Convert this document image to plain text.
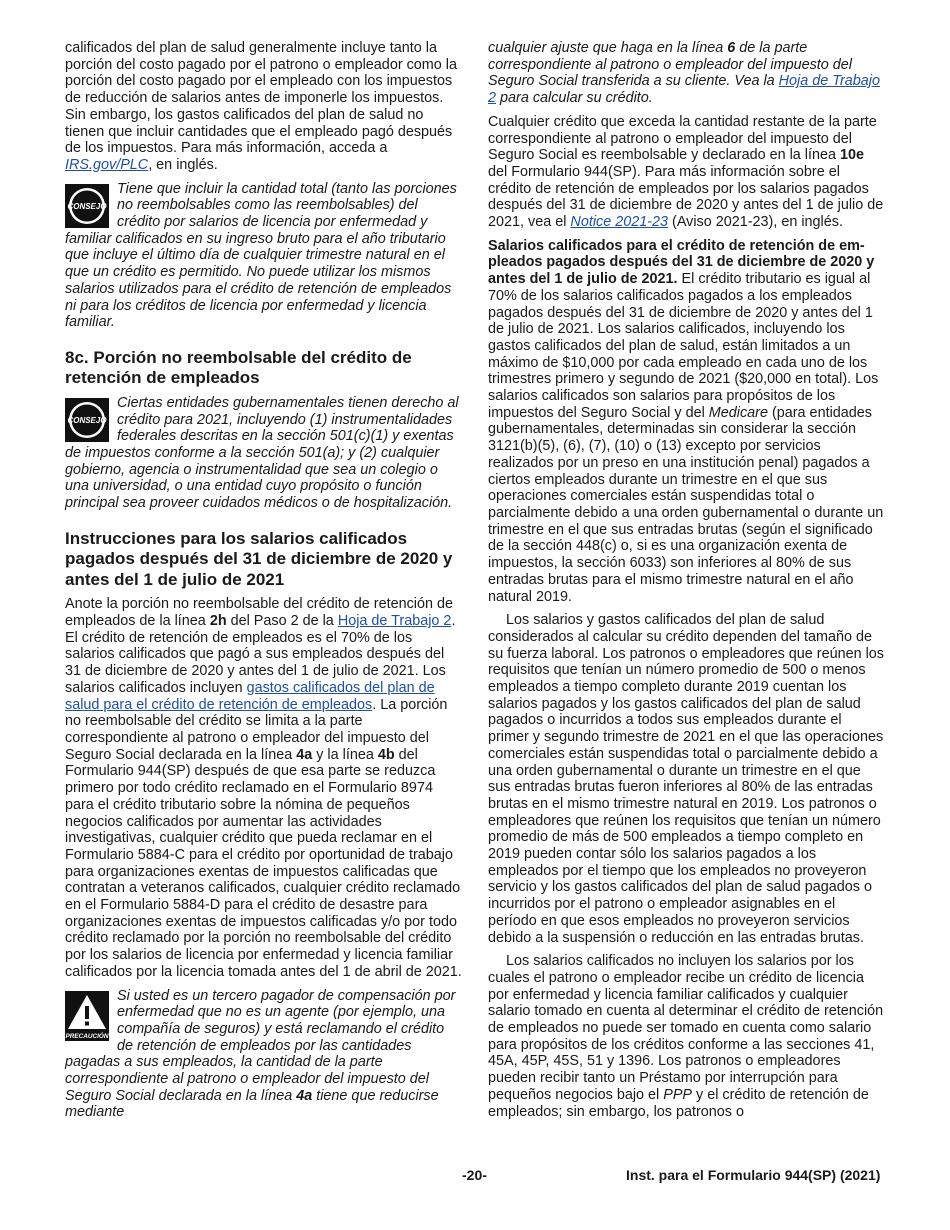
calificados del plan de salud generalmente incluye tanto la porción del costo pagado por el patrono o empleador como la porción del costo pagado por el empleado con los impuestos de reducción de salarios antes de imponerle los impuestos. Sin embargo, los gastos calificados del plan de salud no tienen que incluir cantidades que el empleado pagó después de los impuestos. Para más información, acceda a IRS.gov/PLC, en inglés.

CONSEJO
Tiene que incluir la cantidad total (tanto las porciones no reembolsables como las reembolsables) del crédito por salarios de licencia por enfermedad y familiar calificados en su ingreso bruto para el año tributario que incluye el último día de cualquier trimestre natural en el que un crédito es permitido. No puede utilizar los mismos salarios utilizados para el crédito de retención de empleados ni para los créditos de licencia por enfermedad y licencia familiar.
8c. Porción no reembolsable del crédito de retención de empleados
CONSEJO
Ciertas entidades gubernamentales tienen derecho al crédito para 2021, incluyendo (1) instrumentalidades federales descritas en la sección 501(c)(1) y exentas de impuestos conforme a la sección 501(a); y (2) cualquier gobierno, agencia o instrumentalidad que sea un colegio o una universidad, o una entidad cuyo propósito o función principal sea proveer cuidados médicos o de hospitalización.
Instrucciones para los salarios calificados pagados después del 31 de diciembre de 2020 y antes del 1 de julio de 2021

Anote la porción no reembolsable del crédito de retención de empleados de la línea 2h del Paso 2 de la Hoja de Trabajo 2. El crédito de retención de empleados es el 70% de los salarios calificados que pagó a sus empleados después del 31 de diciembre de 2020 y antes del 1 de julio de 2021. Los salarios calificados incluyen gastos calificados del plan de salud para el crédito de retención de empleados. La porción no reembolsable del crédito se limita a la parte correspondiente al patrono o empleador del impuesto del Seguro Social declarada en la línea 4a y la línea 4b del Formulario 944(SP) después de que esa parte se reduzca primero por todo crédito reclamado en el Formulario 8974 para el crédito tributario sobre la nómina de pequeños negocios calificados por aumentar las actividades investigativas, cualquier crédito que pueda reclamar en el Formulario 5884-C para el crédito por oportunidad de trabajo para organizaciones exentas de impuestos calificadas que contratan a veteranos calificados, cualquier crédito reclamado en el Formulario 5884-D para el crédito de desastre para organizaciones exentas de impuestos calificadas y/o por todo crédito reclamado por la porción no reembolsable del crédito por los salarios de licencia por enfermedad y licencia familiar calificados por la licencia tomada antes del 1 de abril de 2021.

PRECAUCIÓN
Si usted es un tercero pagador de compensación por enfermedad que no es un agente (por ejemplo, una compañía de seguros) y está reclamando el crédito de retención de empleados por las cantidades pagadas a sus empleados, la cantidad de la parte correspondiente al patrono o empleador del impuesto del Seguro Social declarada en la línea 4a tiene que reducirse mediante

cualquier ajuste que haga en la línea 6 de la parte correspondiente al patrono o empleador del impuesto del Seguro Social transferida a su cliente. Vea la Hoja de Trabajo 2 para calcular su crédito.

Cualquier crédito que exceda la cantidad restante de la parte correspondiente al patrono o empleador del impuesto del Seguro Social es reembolsable y declarado en la línea 10e del Formulario 944(SP). Para más información sobre el crédito de retención de empleados por los salarios pagados después del 31 de diciembre de 2020 y antes del 1 de julio de 2021, vea el Notice 2021-23 (Aviso 2021-23), en inglés.

Salarios calificados para el crédito de retención de em- pleados pagados después del 31 de diciembre de 2020 y antes del 1 de julio de 2021. El crédito tributario es igual al 70% de los salarios calificados pagados a los empleados pagados después del 31 de diciembre de 2020 y antes del 1 de julio de 2021. Los salarios calificados, incluyendo los gastos calificados del plan de salud, están limitados a un máximo de $10,000 por cada empleado en cada uno de los trimestres primero y segundo de 2021 ($20,000 en total). Los salarios calificados son salarios para propósitos de los impuestos del Seguro Social y del Medicare (para entidades gubernamentales, determinadas sin considerar la sección 3121(b)(5), (6), (7), (10) o (13) excepto por servicios realizados por un preso en una institución penal) pagados a ciertos empleados durante un trimestre en el que sus operaciones comerciales están suspendidas total o parcialmente debido a una orden gubernamental o durante un trimestre en el que sus entradas brutas (según el significado de la sección 448(c) o, si es una organización exenta de impuestos, la sección 6033) son inferiores al 80% de sus entradas brutas para el mismo trimestre natural en el año natural 2019.

Los salarios y gastos calificados del plan de salud considerados al calcular su crédito dependen del tamaño de su fuerza laboral. Los patronos o empleadores que reúnen los requisitos que tenían un número promedio de 500 o menos empleados a tiempo completo durante 2019 cuentan los salarios pagados y los gastos calificados del plan de salud pagados o incurridos a todos sus empleados durante el primer y segundo trimestre de 2021 en el que las operaciones comerciales están suspendidas total o parcialmente debido a una orden gubernamental o durante un trimestre en el que sus entradas brutas fueron inferiores al 80% de las entradas brutas en el mismo trimestre natural en 2019. Los patronos o empleadores que reúnen los requisitos que tenían un número promedio de más de 500 empleados a tiempo completo en 2019 pueden contar sólo los salarios pagados a los empleados por el tiempo que los empleados no proveyeron servicio y los gastos calificados del plan de salud pagados o incurridos por el patrono o empleador asignables en el período en que esos empleados no proveyeron servicios debido a la suspensión o reducción en las entradas brutas.

Los salarios calificados no incluyen los salarios por los cuales el patrono o empleador recibe un crédito de licencia por enfermedad y licencia familiar calificados y cualquier salario tomado en cuenta al determinar el crédito de retención de empleados no puede ser tomado en cuenta como salario para propósitos de los créditos conforme a las secciones 41, 45A, 45P, 45S, 51 y 1396. Los patronos o empleadores pueden recibir tanto un Préstamo por interrupción para pequeños negocios bajo el PPP y el crédito de retención de empleados; sin embargo, los patronos o

-20-	Inst. para el Formulario 944(SP) (2021)
